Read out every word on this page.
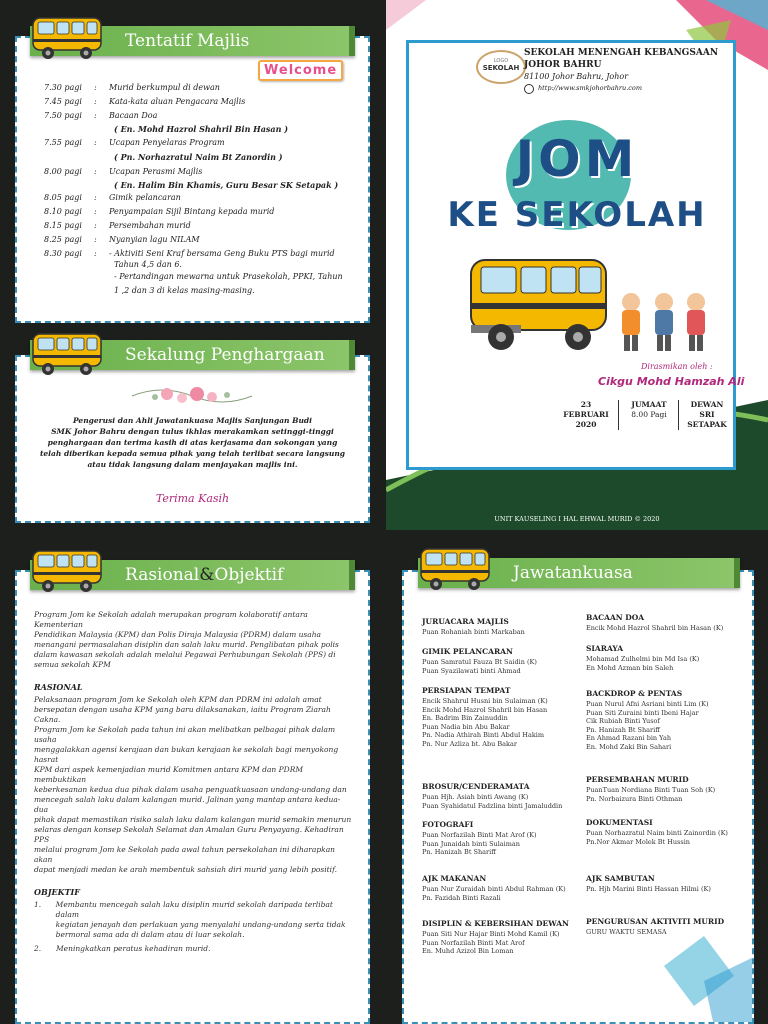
7.30 pagi : Murid berkumpul di dewan
7.45 pagi : Kata-kata aluan Pengacara Majlis
7.50 pagi : Bacaan Doa
7.55 pagi : Ucapan Penyelaras Program
8.00 pagi : Ucapan Perasmi Majlis
8.05 pagi : Gimik pelancaran
8.10 pagi : Penyampaian Sijil Bintang kepada murid
8.15 pagi : Persembahan murid
8.25 pagi : Nyanyian lagu NILAM
8.30 pagi : - Aktiviti Seni Kraf bersama Geng Buku PTS bagi murid
( En. Mohd Hazrol Shahril Bin Hasan )
( Pn. Norhazratul Naim Bt Zanordin )
( En. Halim Bin Khamis, Guru Besar SK Setapak )
Tahun 4,5 dan 6.
- Pertandingan mewarna untuk Prasekolah, PPKI, Tahun
1 ,2 dan 3 di kelas masing-masing.
Tentatif Majlis
Welcome
Pengerusi dan Ahli Jawatankuasa Majlis Sanjungan Budi
SMK Johor Bahru dengan tulus ikhlas merakamkan setinggi-tinggi
penghargaan dan terima kasih di atas kerjasama dan sokongan yang
telah diberikan kepada semua pihak yang telah terlibat secara langsung
atau tidak langsung dalam menjayakan majlis ini.
Terima Kasih
Sekalung Penghargaan
LOGO
SEKOLAH
SEKOLAH MENENGAH KEBANGSAAN
JOHOR BAHRU
81100 Johor Bahru, Johor
http://www.smkjohorbahru.com
JOM
KE SEKOLAH
Dirasmikan oleh :
Cikgu Mohd Hamzah Ali
23
FEBRUARI
2020
JUMAAT
8.00 Pagi
DEWAN
SRI
SETAPAK
UNIT KAUSELING I HAL EHWAL MURID © 2020
Program Jom ke Sekolah adalah merupakan program kolaboratif antara Kementerian
Pendidikan Malaysia (KPM) dan Polis Diraja Malaysia (PDRM) dalam usaha
menangani permasalahan disiplin dan salah laku murid. Penglibatan pihak polis
dalam kawasan sekolah adalah melalui Pegawai Perhubungan Sekolah (PPS) di
semua sekolah KPM
RASIONAL
Pelaksanaan program Jom ke Sekolah oleh KPM dan PDRM ini adalah amat
bersepatan dengan usaha KPM yang baru dilaksanakan, iaitu Program Ziarah Cakna.
Program Jom ke Sekolah pada tahun ini akan melibatkan pelbagai pihak dalam usaha
menggalakkan agensi kerajaan dan bukan kerajaan ke sekolah bagi menyokong hasrat
KPM dari aspek kemenjadian murid Komitmen antara KPM dan PDRM membuktikan
keberkesanan kedua dua pihak dalam usaha penguatkuasaan undang-undang dan
mencegah salah laku dalam kalangan murid. Jalinan yang mantap antara kedua-dua
pihak dapat memastikan risiko salah laku dalam kalangan murid semakin menurun
selaras dengan konsep Sekolah Selamat dan Amalan Guru Penyayang. Kehadiran PPS
melalui program Jom ke Sekolah pada awal tahun persekolahan ini diharapkan akan
dapat menjadi medan ke arah membentuk sahsiah diri murid yang lebih positif.
OBJEKTIF
1.	Membantu mencegah salah laku disiplin murid sekolah daripada terlibat dalam
kegiatan jenayah dan perlakuan yang menyalahi undang-undang serta tidak
bermoral sama ada di dalam atau di luar sekolah.
2.	Meningkatkan peratus kehadiran murid.
Rasional & Objektif
JURUACARA MAJLIS
Puan Rohaniah binti Markaban
GIMIK PELANCARAN
Puan Samratul Fauza Bt Saidin (K)
Puan Syazilawati binti Ahmad
PERSIAPAN TEMPAT
Encik Shahrul Husni bin Sulaiman (K)
Encik Mohd Hazrol Shahril bin Hasan
En. Badrim Bin Zainuddin
Puan Nadia bin Abu Bakar
Pn. Nadia Athirah Binti Abdul Hakim
Pn. Nur Azliza bt. Abu Bakar
BROSUR/CENDERAMATA
Puan Hjh. Asiah binti Awang (K)
Puan Syahidatul Fadzlina binti Jamaluddin
FOTOGRAFI
Puan Norfazilah Binti Mat Arof (K)
Puan Junaidah binti Sulaiman
Pn. Hanizah Bt Shariff
AJK MAKANAN
Puan Nur Zuraidah binti Abdul Rahman (K)
Pn. Fazidah Binti Razali
DISIPLIN & KEBERSIHAN DEWAN
Puan Siti Nur Hajar Binti Mohd Kamil (K)
Puan Norfazilah Binti Mat Arof
En. Muhd Azizol Bin Loman
BACAAN DOA
Encik Mohd Hazrol Shahril bin Hasan (K)
SIARAYA
Mohamad Zulhelmi bin Md Isa (K)
En Mohd Azman bin Saleh
BACKDROP & PENTAS
Puan Nurul Afni Asriani binti Lim (K)
Puan Siti Zuraini binti Ibeni Hajar
Cik Rubiah Binti Yusof
Pn. Hanizah Bt Shariff
En Ahmad Razani bin Yah
En. Mohd Zaki Bin Sahari
PERSEMBAHAN MURID
PuanTuan Nordiana Binti Tuan Soh (K)
Pn. Norbaizura Binti Othman
DOKUMENTASI
Puan Norhazratul Naim binti Zainordin (K)
Pn.Nor Akmar Molek Bt Hussin
AJK SAMBUTAN
Pn. Hjh Marini Binti Hassan Hilmi (K)
PENGURUSAN AKTIVITI MURID
GURU WAKTU SEMASA
Jawatankuasa
